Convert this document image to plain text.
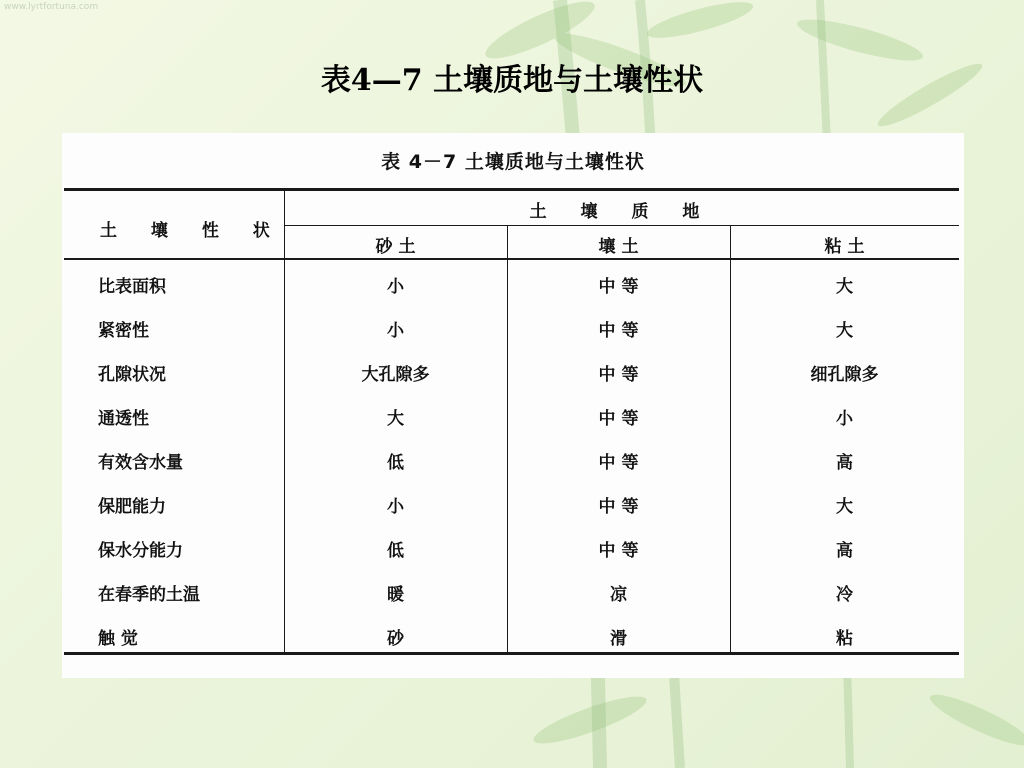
www.lyrtfortuna.com
表4—7 土壤质地与土壤性状
表 4－7 土壤质地与土壤性状
土 壤 性 状
土 壤 质 地
砂 土	壤 土	粘 土
比表面积	小	中 等	大
紧密性	小	中 等	大
孔隙状况	大孔隙多	中 等	细孔隙多
通透性	大	中 等	小
有效含水量	低	中 等	高
保肥能力	小	中 等	大
保水分能力	低	中 等	高
在春季的土温	暖	凉	冷
触 觉	砂	滑	粘
